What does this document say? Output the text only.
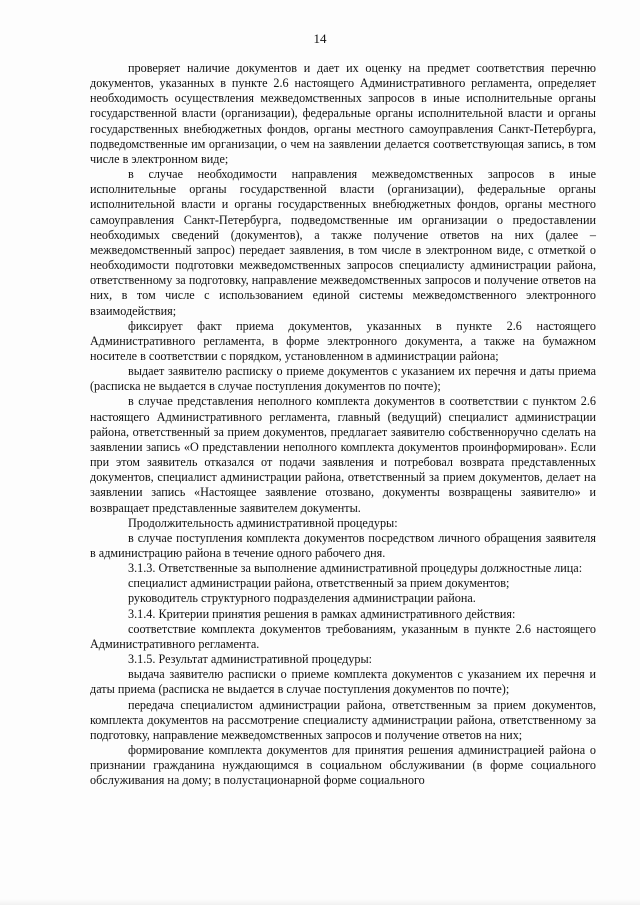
14

проверяет наличие документов и дает их оценку на предмет соответствия перечню документов, указанных в пункте 2.6 настоящего Административного регламента, определяет необходимость осуществления межведомственных запросов в иные исполнительные органы государственной власти (организации), федеральные органы исполнительной власти и органы государственных внебюджетных фондов, органы местного самоуправления Санкт-Петербурга, подведомственные им организации, о чем на заявлении делается соответствующая запись, в том числе в электронном виде;

в случае необходимости направления межведомственных запросов в иные исполнительные органы государственной власти (организации), федеральные органы исполнительной власти и органы государственных внебюджетных фондов, органы местного самоуправления Санкт-Петербурга, подведомственные им организации о предоставлении необходимых сведений (документов), а также получение ответов на них (далее – межведомственный запрос) передает заявления, в том числе в электронном виде, с отметкой о необходимости подготовки межведомственных запросов специалисту администрации района, ответственному за подготовку, направление межведомственных запросов и получение ответов на них, в том числе с использованием единой системы межведомственного электронного взаимодействия;

фиксирует факт приема документов, указанных в пункте 2.6 настоящего Административного регламента, в форме электронного документа, а также на бумажном носителе в соответствии с порядком, установленном в администрации района;

выдает заявителю расписку о приеме документов с указанием их перечня и даты приема (расписка не выдается в случае поступления документов по почте);

в случае представления неполного комплекта документов в соответствии с пунктом 2.6 настоящего Административного регламента, главный (ведущий) специалист администрации района, ответственный за прием документов, предлагает заявителю собственноручно сделать на заявлении запись «О представлении неполного комплекта документов проинформирован». Если при этом заявитель отказался от подачи заявления и потребовал возврата представленных документов, специалист администрации района, ответственный за прием документов, делает на заявлении запись «Настоящее заявление отозвано, документы возвращены заявителю» и возвращает представленные заявителем документы.

Продолжительность административной процедуры:

в случае поступления комплекта документов посредством личного обращения заявителя в администрацию района в течение одного рабочего дня.

3.1.3. Ответственные за выполнение административной процедуры должностные лица:

специалист администрации района, ответственный за прием документов;

руководитель структурного подразделения администрации района.

3.1.4. Критерии принятия решения в рамках административного действия:

соответствие комплекта документов требованиям, указанным в пункте 2.6 настоящего Административного регламента.

3.1.5. Результат административной процедуры:

выдача заявителю расписки о приеме комплекта документов с указанием их перечня и даты приема (расписка не выдается в случае поступления документов по почте);

передача специалистом администрации района, ответственным за прием документов, комплекта документов на рассмотрение специалисту администрации района, ответственному за подготовку, направление межведомственных запросов и получение ответов на них;

формирование комплекта документов для принятия решения администрацией района о признании гражданина нуждающимся в социальном обслуживании (в форме социального обслуживания на дому; в полустационарной форме социального
